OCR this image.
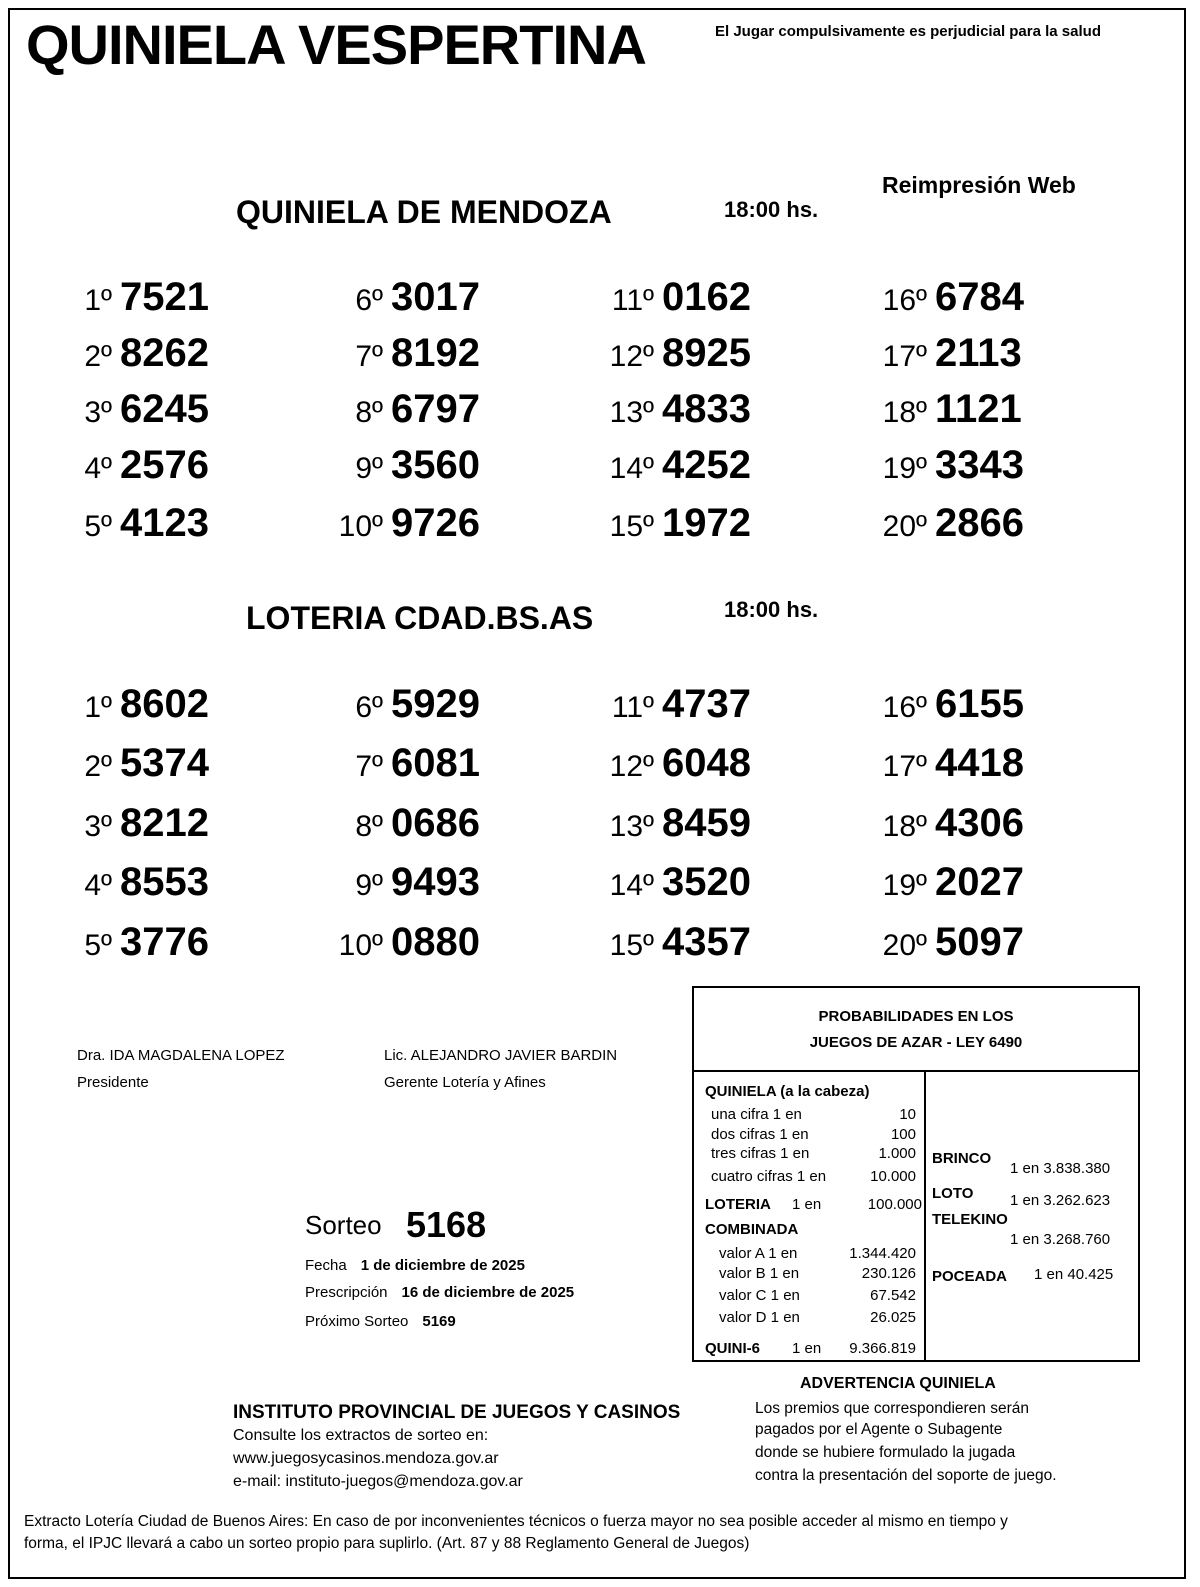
QUINIELA VESPERTINA	El Jugar compulsivamente es perjudicial para la salud
Reimpresión Web
QUINIELA DE MENDOZA	18:00 hs.
1º 7521
2º 8262
3º 6245
4º 2576
5º 4123
6º 3017
7º 8192
8º 6797
9º 3560
10º 9726
11º 0162
12º 8925
13º 4833
14º 4252
15º 1972
16º 6784
17º 2113
18º 1121
19º 3343
20º 2866
LOTERIA CDAD.BS.AS	18:00 hs.
1º 8602
2º 5374
3º 8212
4º 8553
5º 3776
6º 5929
7º 6081
8º 0686
9º 9493
10º 0880
11º 4737
12º 6048
13º 8459
14º 3520
15º 4357
16º 6155
17º 4418
18º 4306
19º 2027
20º 5097
Dra. IDA MAGDALENA LOPEZ
Presidente
Lic. ALEJANDRO JAVIER BARDIN
Gerente Lotería y Afines
Sorteo 5168
Fecha 1 de diciembre de 2025
Prescripción 16 de diciembre de 2025
Próximo Sorteo 5169
PROBABILIDADES EN LOS
JUEGOS DE AZAR - LEY 6490
QUINIELA (a la cabeza)
una cifra 1 en	10
dos cifras 1 en	100
tres cifras 1 en	1.000
cuatro cifras 1 en	10.000
LOTERIA 1 en	100.000
COMBINADA
valor A 1 en	1.344.420
valor B 1 en	230.126
valor C 1 en	67.542
valor D 1 en	26.025
QUINI-6 1 en	9.366.819
BRINCO
1 en 3.838.380
LOTO 1 en 3.262.623
TELEKINO
1 en 3.268.760
POCEADA 1 en 40.425
INSTITUTO PROVINCIAL DE JUEGOS Y CASINOS
Consulte los extractos de sorteo en:
www.juegosycasinos.mendoza.gov.ar
e-mail: instituto-juegos@mendoza.gov.ar
ADVERTENCIA QUINIELA
Los premios que correspondieren serán
pagados por el Agente o Subagente
donde se hubiere formulado la jugada
contra la presentación del soporte de juego.
Extracto Lotería Ciudad de Buenos Aires: En caso de por inconvenientes técnicos o fuerza mayor no sea posible acceder al mismo en tiempo y
forma, el IPJC llevará a cabo un sorteo propio para suplirlo. (Art. 87 y 88 Reglamento General de Juegos)
